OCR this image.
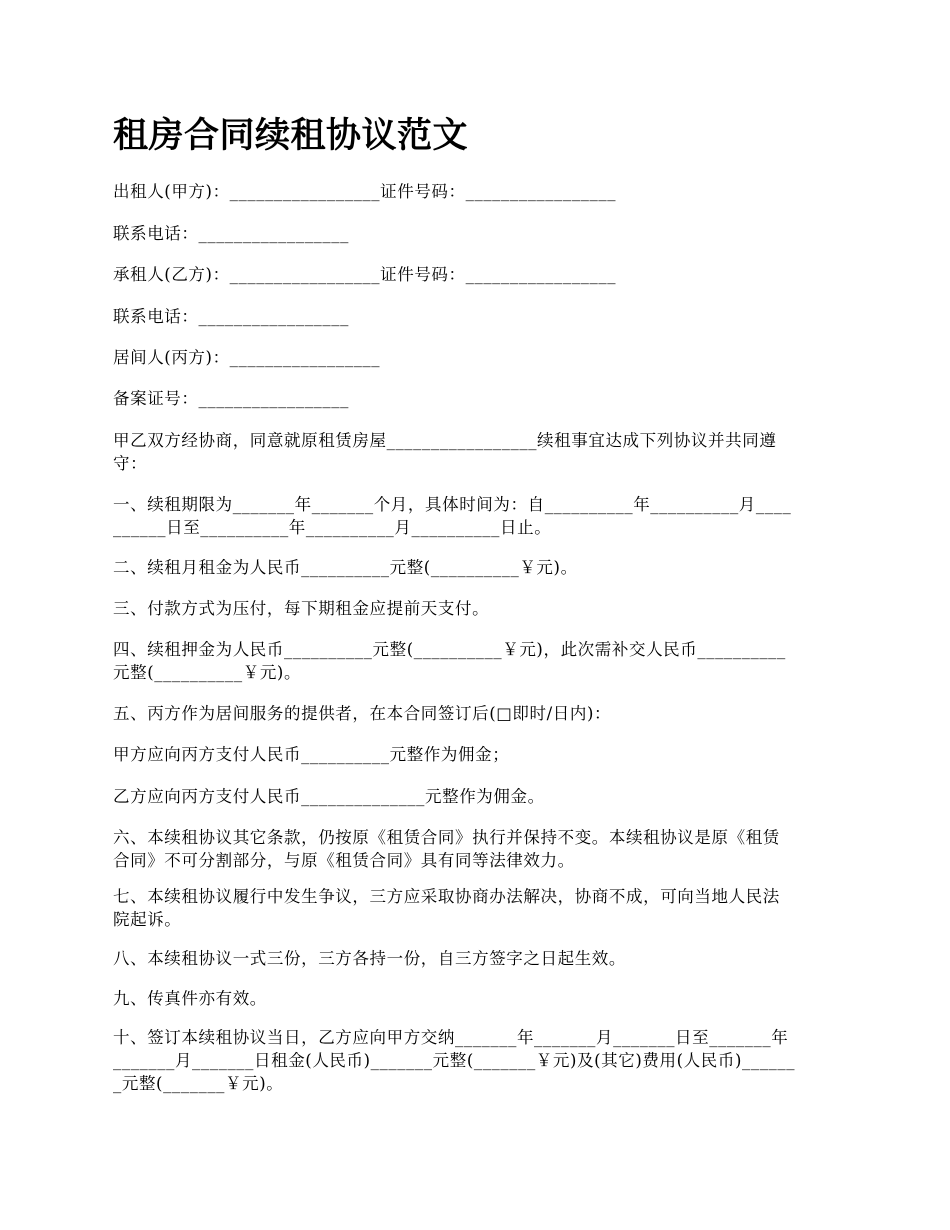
租房合同续租协议范文

出租人(甲方)：_________________证件号码：_________________

联系电话：_________________

承租人(乙方)：_________________证件号码：_________________

联系电话：_________________

居间人(丙方)：_________________

备案证号：_________________

甲乙双方经协商，同意就原租赁房屋_________________续租事宜达成下列协议并共同遵
守：

一、续租期限为_______年_______个月，具体时间为：自__________年__________月____
______日至__________年__________月__________日止。

二、续租月租金为人民币__________元整(__________￥元)。

三、付款方式为压付，每下期租金应提前天支付。

四、续租押金为人民币__________元整(__________￥元)，此次需补交人民币__________
元整(__________￥元)。

五、丙方作为居间服务的提供者，在本合同签订后(□即时/日内)：

甲方应向丙方支付人民币__________元整作为佣金；

乙方应向丙方支付人民币______________元整作为佣金。

六、本续租协议其它条款，仍按原《租赁合同》执行并保持不变。本续租协议是原《租赁
合同》不可分割部分，与原《租赁合同》具有同等法律效力。

七、本续租协议履行中发生争议，三方应采取协商办法解决，协商不成，可向当地人民法
院起诉。

八、本续租协议一式三份，三方各持一份，自三方签字之日起生效。

九、传真件亦有效。

十、签订本续租协议当日，乙方应向甲方交纳_______年_______月_______日至_______年
_______月_______日租金(人民币)_______元整(_______￥元)及(其它)费用(人民币)______
_元整(_______￥元)。
